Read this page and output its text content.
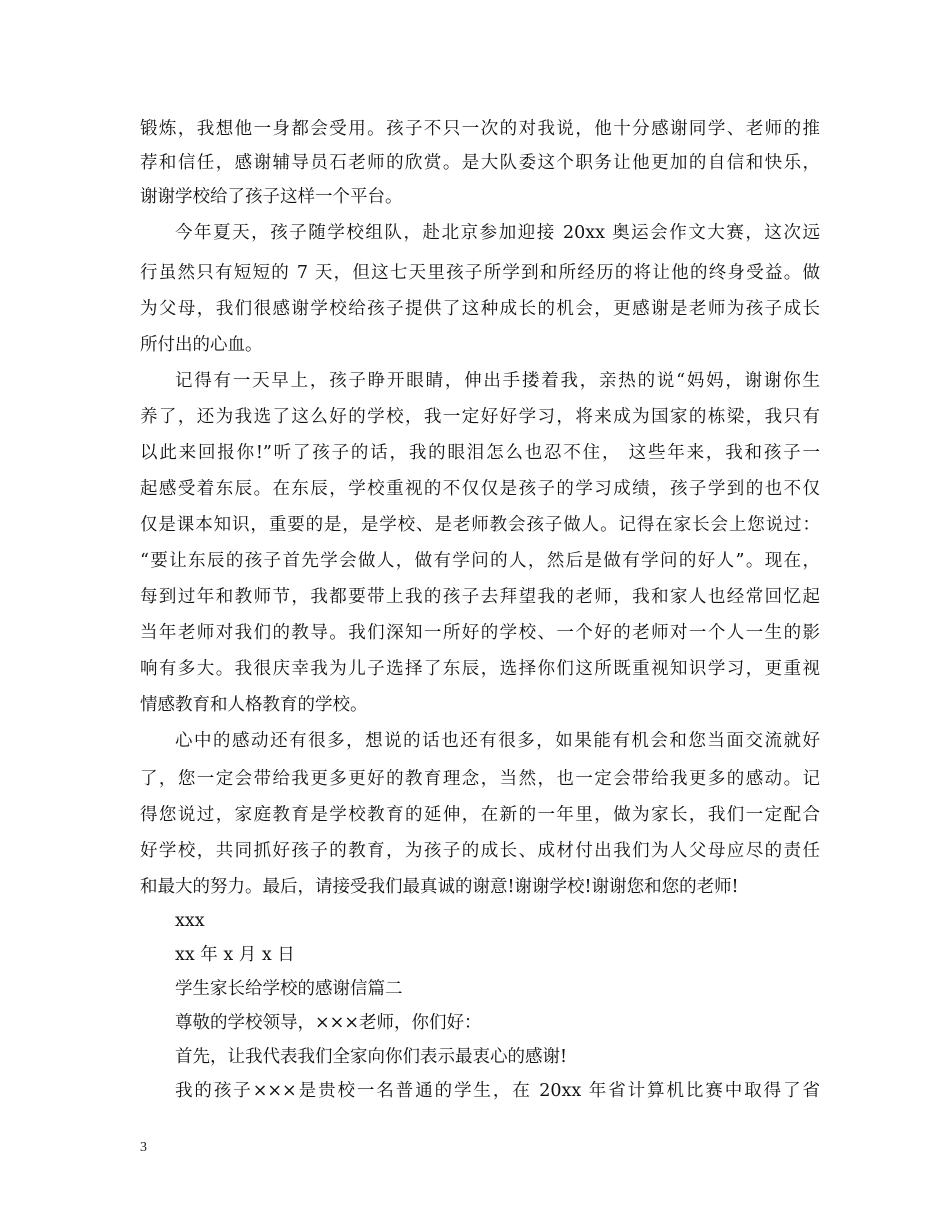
锻炼，我想他一身都会受用。孩子不只一次的对我说，他十分感谢同学、老师的推
荐和信任，感谢辅导员石老师的欣赏。是大队委这个职务让他更加的自信和快乐，
谢谢学校给了孩子这样一个平台。
今年夏天，孩子随学校组队，赴北京参加迎接 20xx 奥运会作文大赛，这次远
行虽然只有短短的 7 天，但这七天里孩子所学到和所经历的将让他的终身受益。做
为父母，我们很感谢学校给孩子提供了这种成长的机会，更感谢是老师为孩子成长
所付出的心血。
记得有一天早上，孩子睁开眼睛，伸出手搂着我，亲热的说“妈妈，谢谢你生
养了，还为我选了这么好的学校，我一定好好学习，将来成为国家的栋梁，我只有
以此来回报你!”听了孩子的话，我的眼泪怎么也忍不住， 这些年来，我和孩子一
起感受着东辰。在东辰，学校重视的不仅仅是孩子的学习成绩，孩子学到的也不仅
仅是课本知识，重要的是，是学校、是老师教会孩子做人。记得在家长会上您说过：
“要让东辰的孩子首先学会做人，做有学问的人，然后是做有学问的好人”。现在，
每到过年和教师节，我都要带上我的孩子去拜望我的老师，我和家人也经常回忆起
当年老师对我们的教导。我们深知一所好的学校、一个好的老师对一个人一生的影
响有多大。我很庆幸我为儿子选择了东辰，选择你们这所既重视知识学习，更重视
情感教育和人格教育的学校。
心中的感动还有很多，想说的话也还有很多，如果能有机会和您当面交流就好
了，您一定会带给我更多更好的教育理念，当然，也一定会带给我更多的感动。记
得您说过，家庭教育是学校教育的延伸，在新的一年里，做为家长，我们一定配合
好学校，共同抓好孩子的教育，为孩子的成长、成材付出我们为人父母应尽的责任
和最大的努力。最后，请接受我们最真诚的谢意!谢谢学校!谢谢您和您的老师!
xxx
xx 年 x 月 x 日
学生家长给学校的感谢信篇二
尊敬的学校领导，×××老师，你们好：
首先，让我代表我们全家向你们表示最衷心的感谢!
我的孩子×××是贵校一名普通的学生，在 20xx 年省计算机比赛中取得了省
3
